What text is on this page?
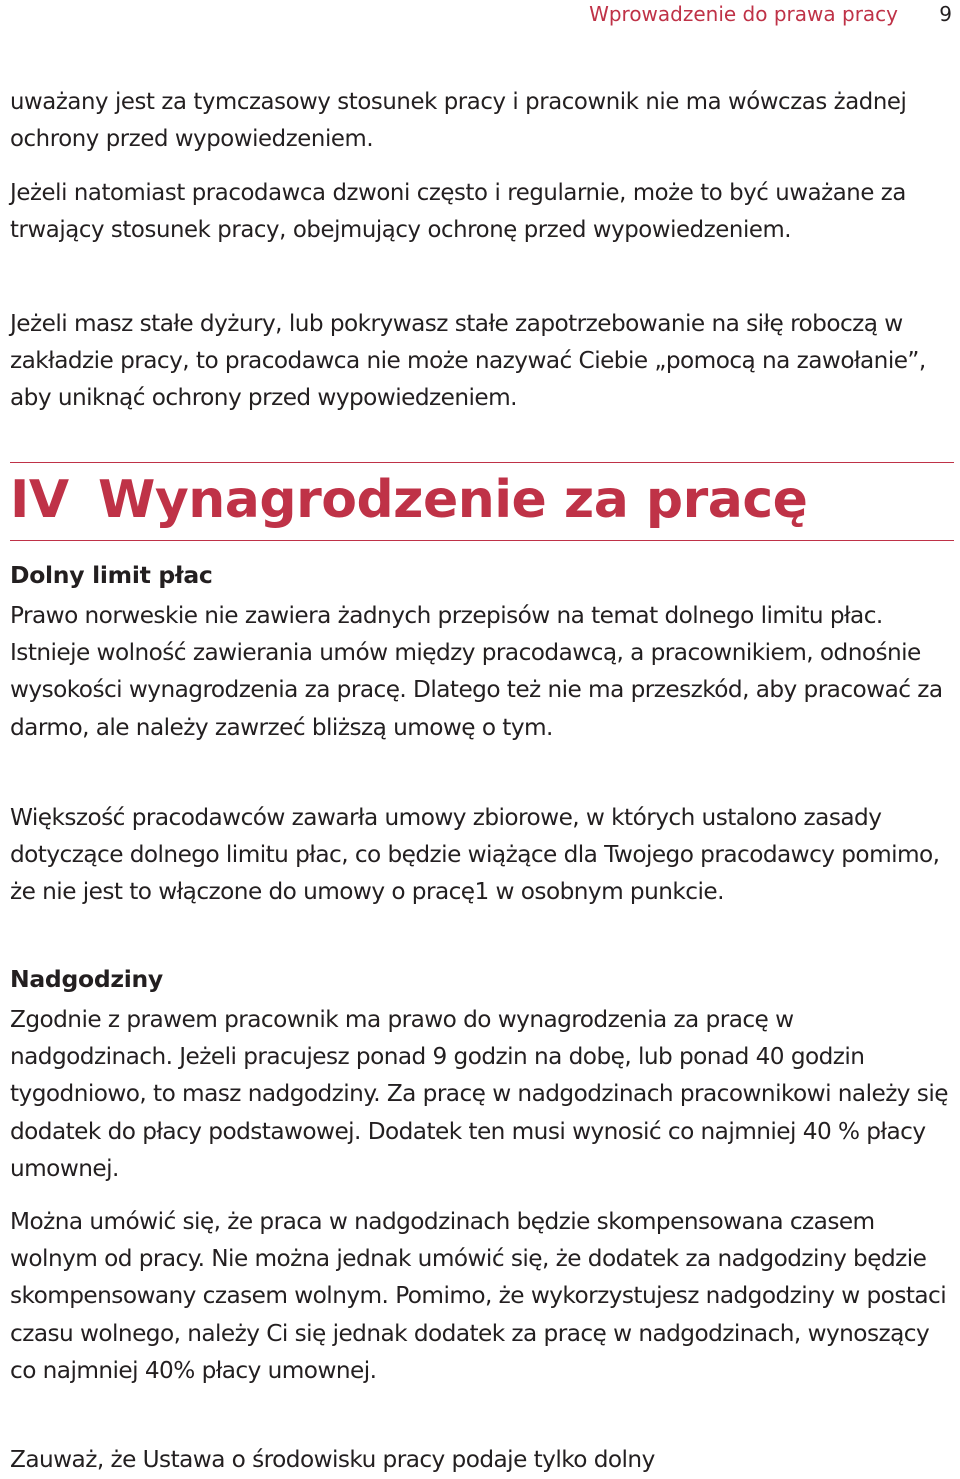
Wprowadzenie do prawa pracy 9

uważany jest za tymczasowy stosunek pracy i pracownik nie ma wówczas żadnej ochrony przed wypowiedzeniem.

Jeżeli natomiast pracodawca dzwoni często i regularnie, może to być uważane za trwający stosunek pracy, obejmujący ochronę przed wypowiedzeniem.

Jeżeli masz stałe dyżury, lub pokrywasz stałe zapotrzebowanie na siłę roboczą w zakładzie pracy, to pracodawca nie może nazywać Ciebie „pomocą na zawołanie”, aby uniknąć ochrony przed wypowiedzeniem.

IV Wynagrodzenie za pracę
Dolny limit płac

Prawo norweskie nie zawiera żadnych przepisów na temat dolnego limitu płac. Istnieje wolność zawierania umów między pracodawcą, a pracownikiem, odnośnie wysokości wynagrodzenia za pracę. Dlatego też nie ma przeszkód, aby pracować za darmo, ale należy zawrzeć bliższą umowę o tym.

Większość pracodawców zawarła umowy zbiorowe, w których ustalono zasady dotyczące dolnego limitu płac, co będzie wiążące dla Twojego pracodawcy pomimo, że nie jest to włączone do umowy o pracę1 w osobnym punkcie.

Nadgodziny

Zgodnie z prawem pracownik ma prawo do wynagrodzenia za pracę w nadgodzinach. Jeżeli pracujesz ponad 9 godzin na dobę, lub ponad 40 godzin tygodniowo, to masz nadgodziny. Za pracę w nadgodzinach pracownikowi należy się dodatek do płacy podstawowej. Dodatek ten musi wynosić co najmniej 40 % płacy umownej.

Można umówić się, że praca w nadgodzinach będzie skompensowana czasem wolnym od pracy. Nie można jednak umówić się, że dodatek za nadgodziny będzie skompensowany czasem wolnym. Pomimo, że wykorzystujesz nadgodziny w postaci czasu wolnego, należy Ci się jednak dodatek za pracę w nadgodzinach, wynoszący co najmniej 40% płacy umownej.

Zauważ, że Ustawa o środowisku pracy podaje tylko dolny
